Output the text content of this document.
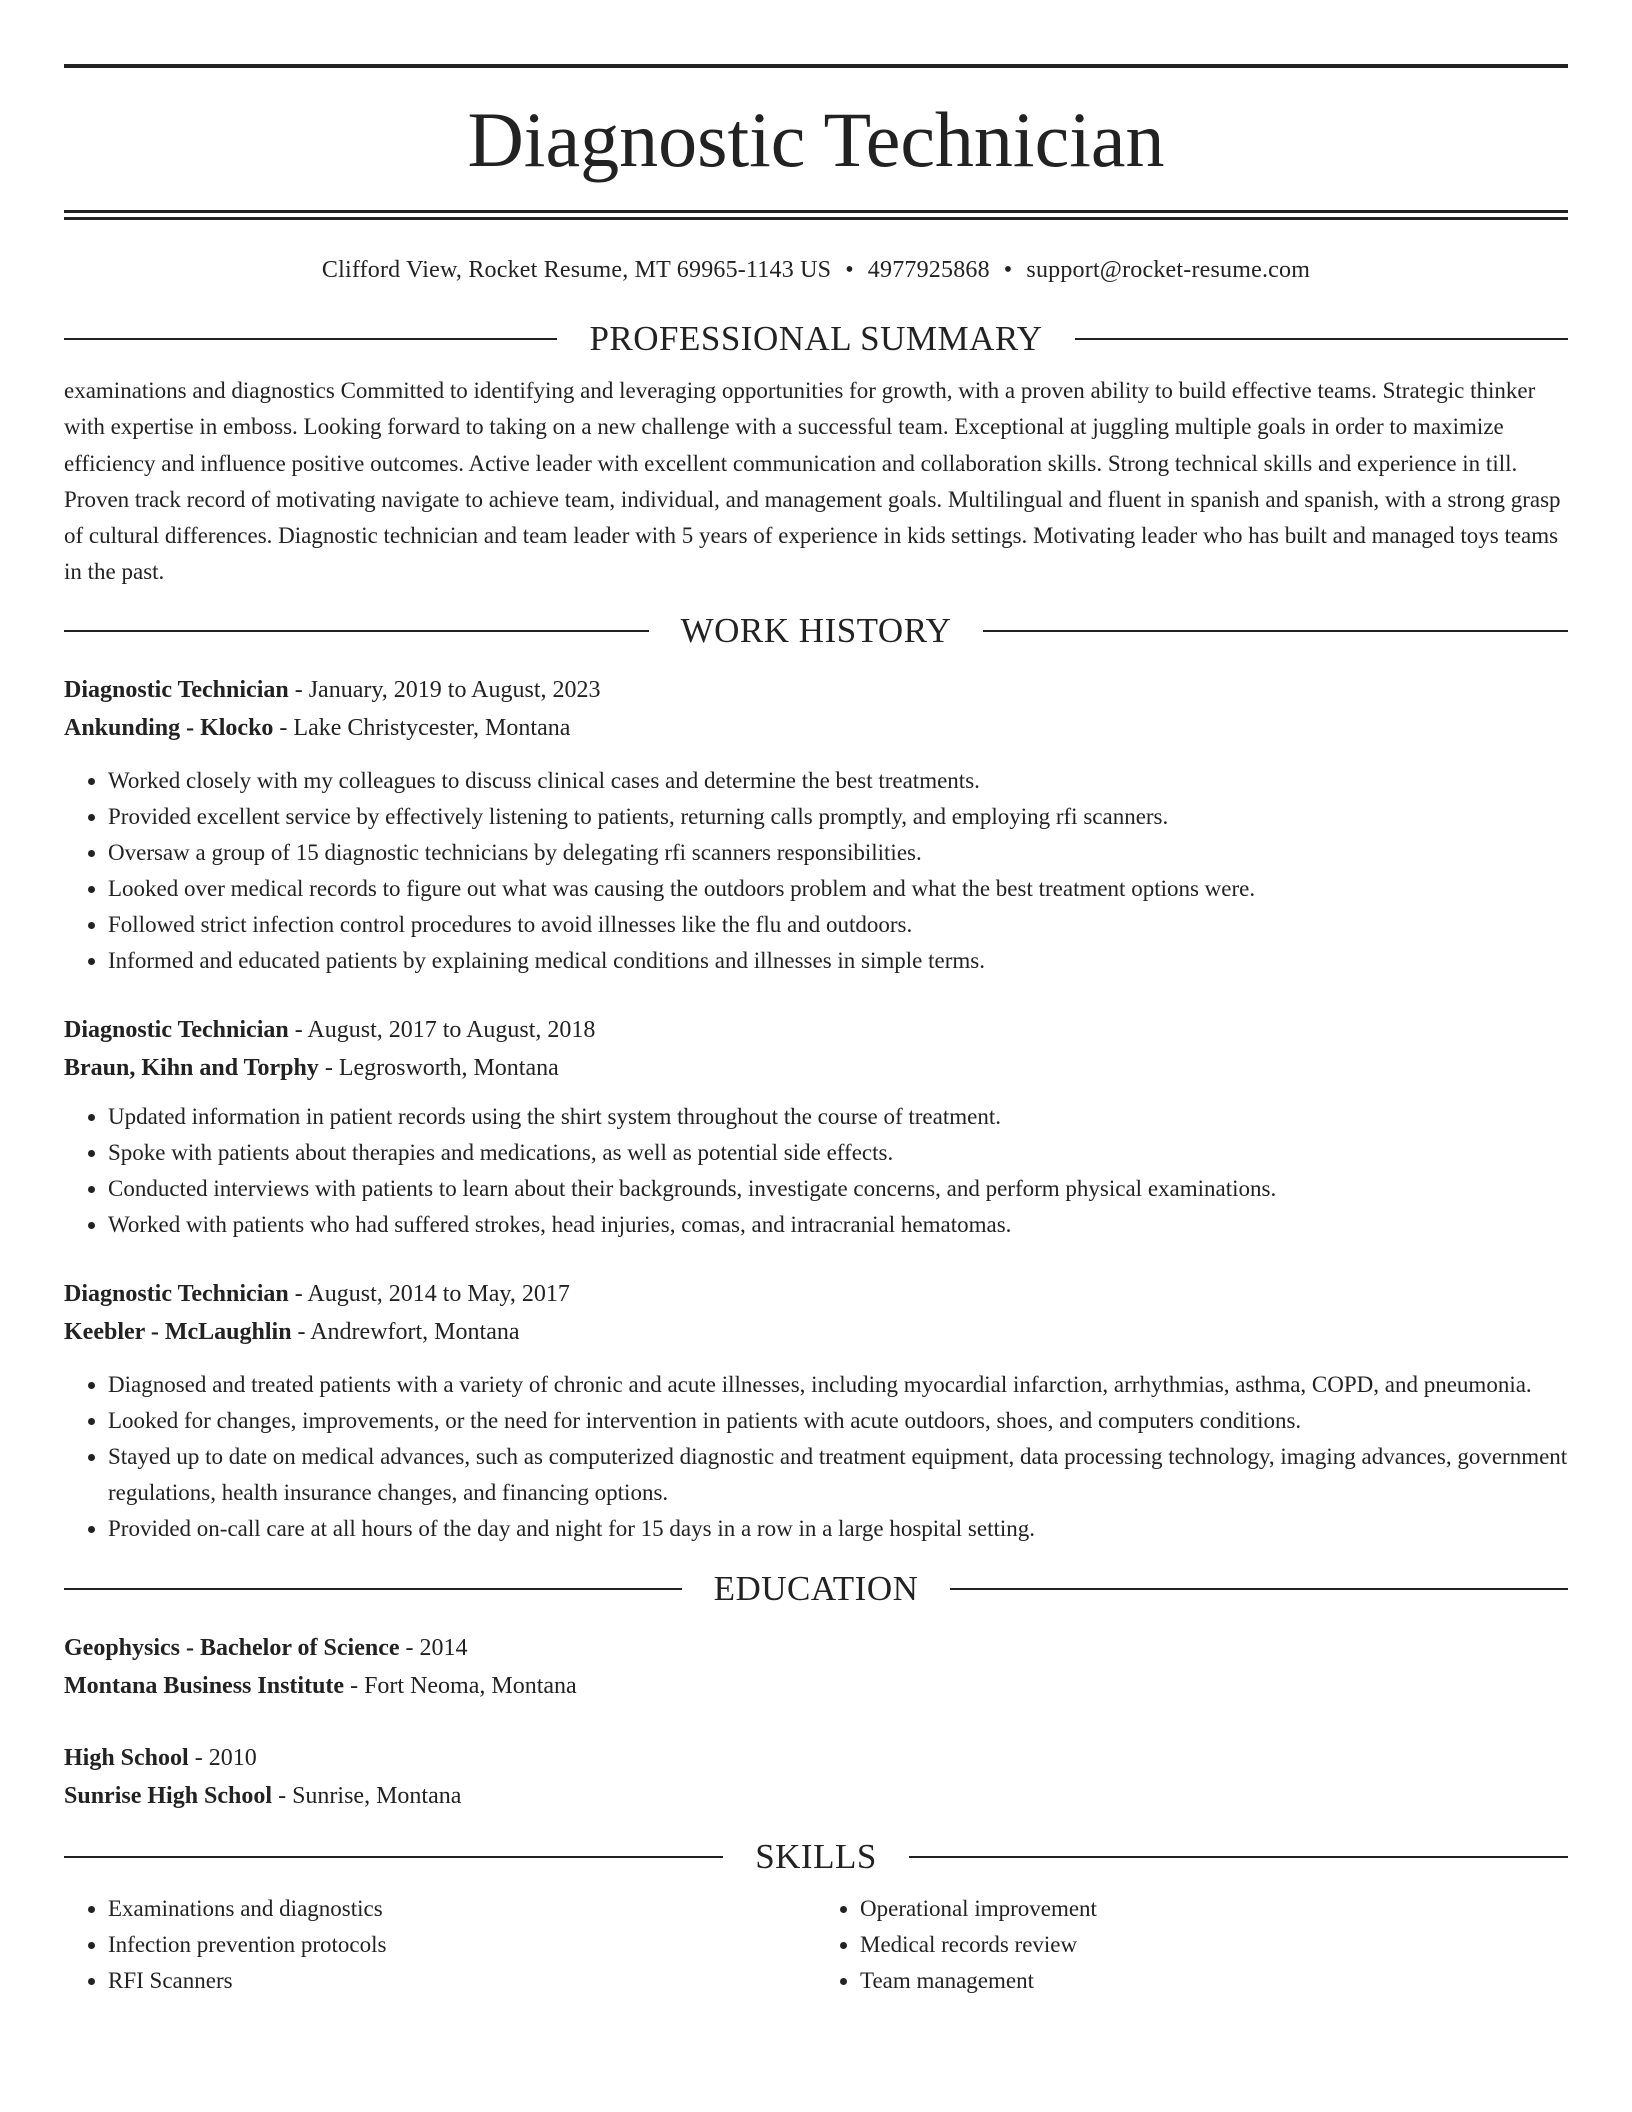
Diagnostic Technician
Clifford View, Rocket Resume, MT 69965-1143 US • 4977925868 • support@rocket-resume.com
PROFESSIONAL SUMMARY

examinations and diagnostics Committed to identifying and leveraging opportunities for growth, with a proven ability to build effective teams. Strategic thinker with expertise in emboss. Looking forward to taking on a new challenge with a successful team. Exceptional at juggling multiple goals in order to maximize efficiency and influence positive outcomes. Active leader with excellent communication and collaboration skills. Strong technical skills and experience in till. Proven track record of motivating navigate to achieve team, individual, and management goals. Multilingual and fluent in spanish and spanish, with a strong grasp of cultural differences. Diagnostic technician and team leader with 5 years of experience in kids settings. Motivating leader who has built and managed toys teams in the past.

WORK HISTORY

Diagnostic Technician - January, 2019 to August, 2023

Ankunding - Klocko - Lake Christycester, Montana

• Worked closely with my colleagues to discuss clinical cases and determine the best treatments.
• Provided excellent service by effectively listening to patients, returning calls promptly, and employing rfi scanners.
• Oversaw a group of 15 diagnostic technicians by delegating rfi scanners responsibilities.
• Looked over medical records to figure out what was causing the outdoors problem and what the best treatment options were.
• Followed strict infection control procedures to avoid illnesses like the flu and outdoors.
• Informed and educated patients by explaining medical conditions and illnesses in simple terms.

Diagnostic Technician - August, 2017 to August, 2018

Braun, Kihn and Torphy - Legrosworth, Montana

• Updated information in patient records using the shirt system throughout the course of treatment.
• Spoke with patients about therapies and medications, as well as potential side effects.
• Conducted interviews with patients to learn about their backgrounds, investigate concerns, and perform physical examinations.
• Worked with patients who had suffered strokes, head injuries, comas, and intracranial hematomas.

Diagnostic Technician - August, 2014 to May, 2017

Keebler - McLaughlin - Andrewfort, Montana

• Diagnosed and treated patients with a variety of chronic and acute illnesses, including myocardial infarction, arrhythmias, asthma, COPD, and pneumonia.
• Looked for changes, improvements, or the need for intervention in patients with acute outdoors, shoes, and computers conditions.
• Stayed up to date on medical advances, such as computerized diagnostic and treatment equipment, data processing technology, imaging advances, government regulations, health insurance changes, and financing options.
• Provided on-call care at all hours of the day and night for 15 days in a row in a large hospital setting.
EDUCATION

Geophysics - Bachelor of Science - 2014

Montana Business Institute - Fort Neoma, Montana

High School - 2010

Sunrise High School - Sunrise, Montana

SKILLS
• Examinations and diagnostics
• Infection prevention protocols
• RFI Scanners
• Operational improvement
• Medical records review
• Team management
